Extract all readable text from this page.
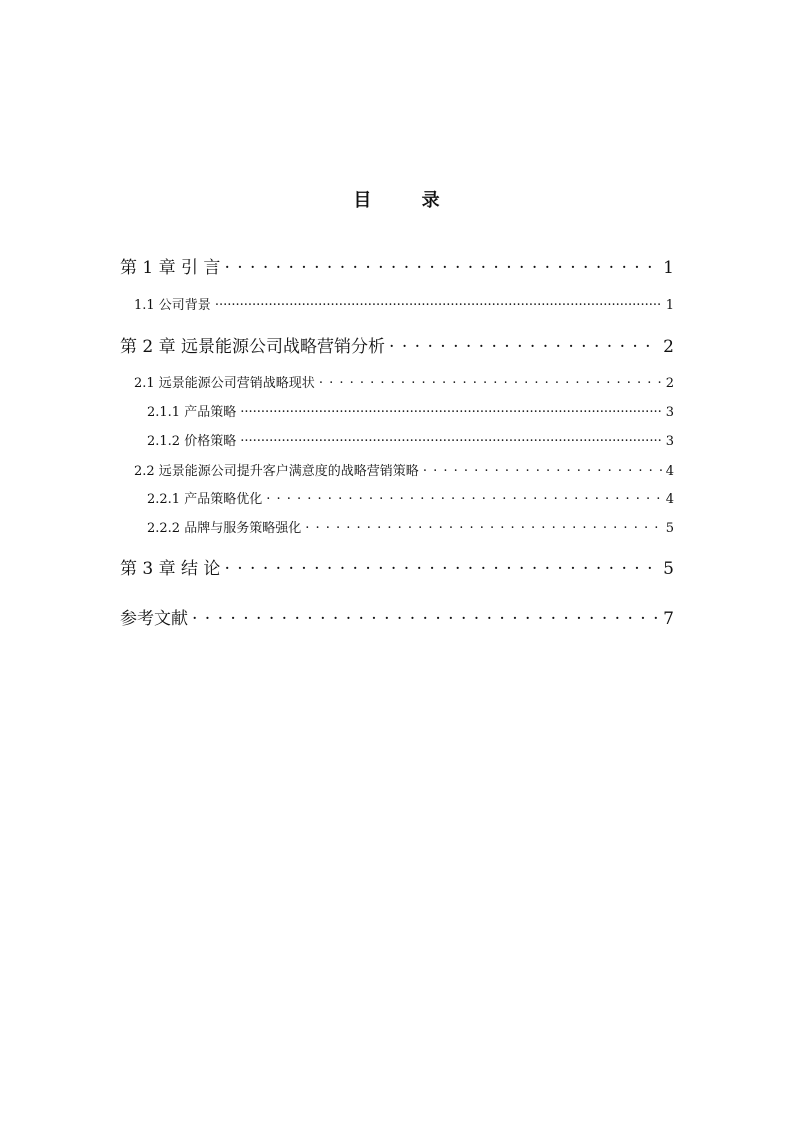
目 录
第 1 章 引 言 . . .	1
1.1 公司背景 .....	1
第 2 章 远景能源公司战略营销分析 . . .	2
2.1 远景能源公司营销战略现状 . . .	2
2.1.1 产品策略 .....	3
2.1.2 价格策略 .....	3
2.2 远景能源公司提升客户满意度的战略营销策略 . . .	4
2.2.1 产品策略优化 . . .	4
2.2.2 品牌与服务策略强化 . . .	5
第 3 章 结 论 . . .	5
参考文献 . . .	7
